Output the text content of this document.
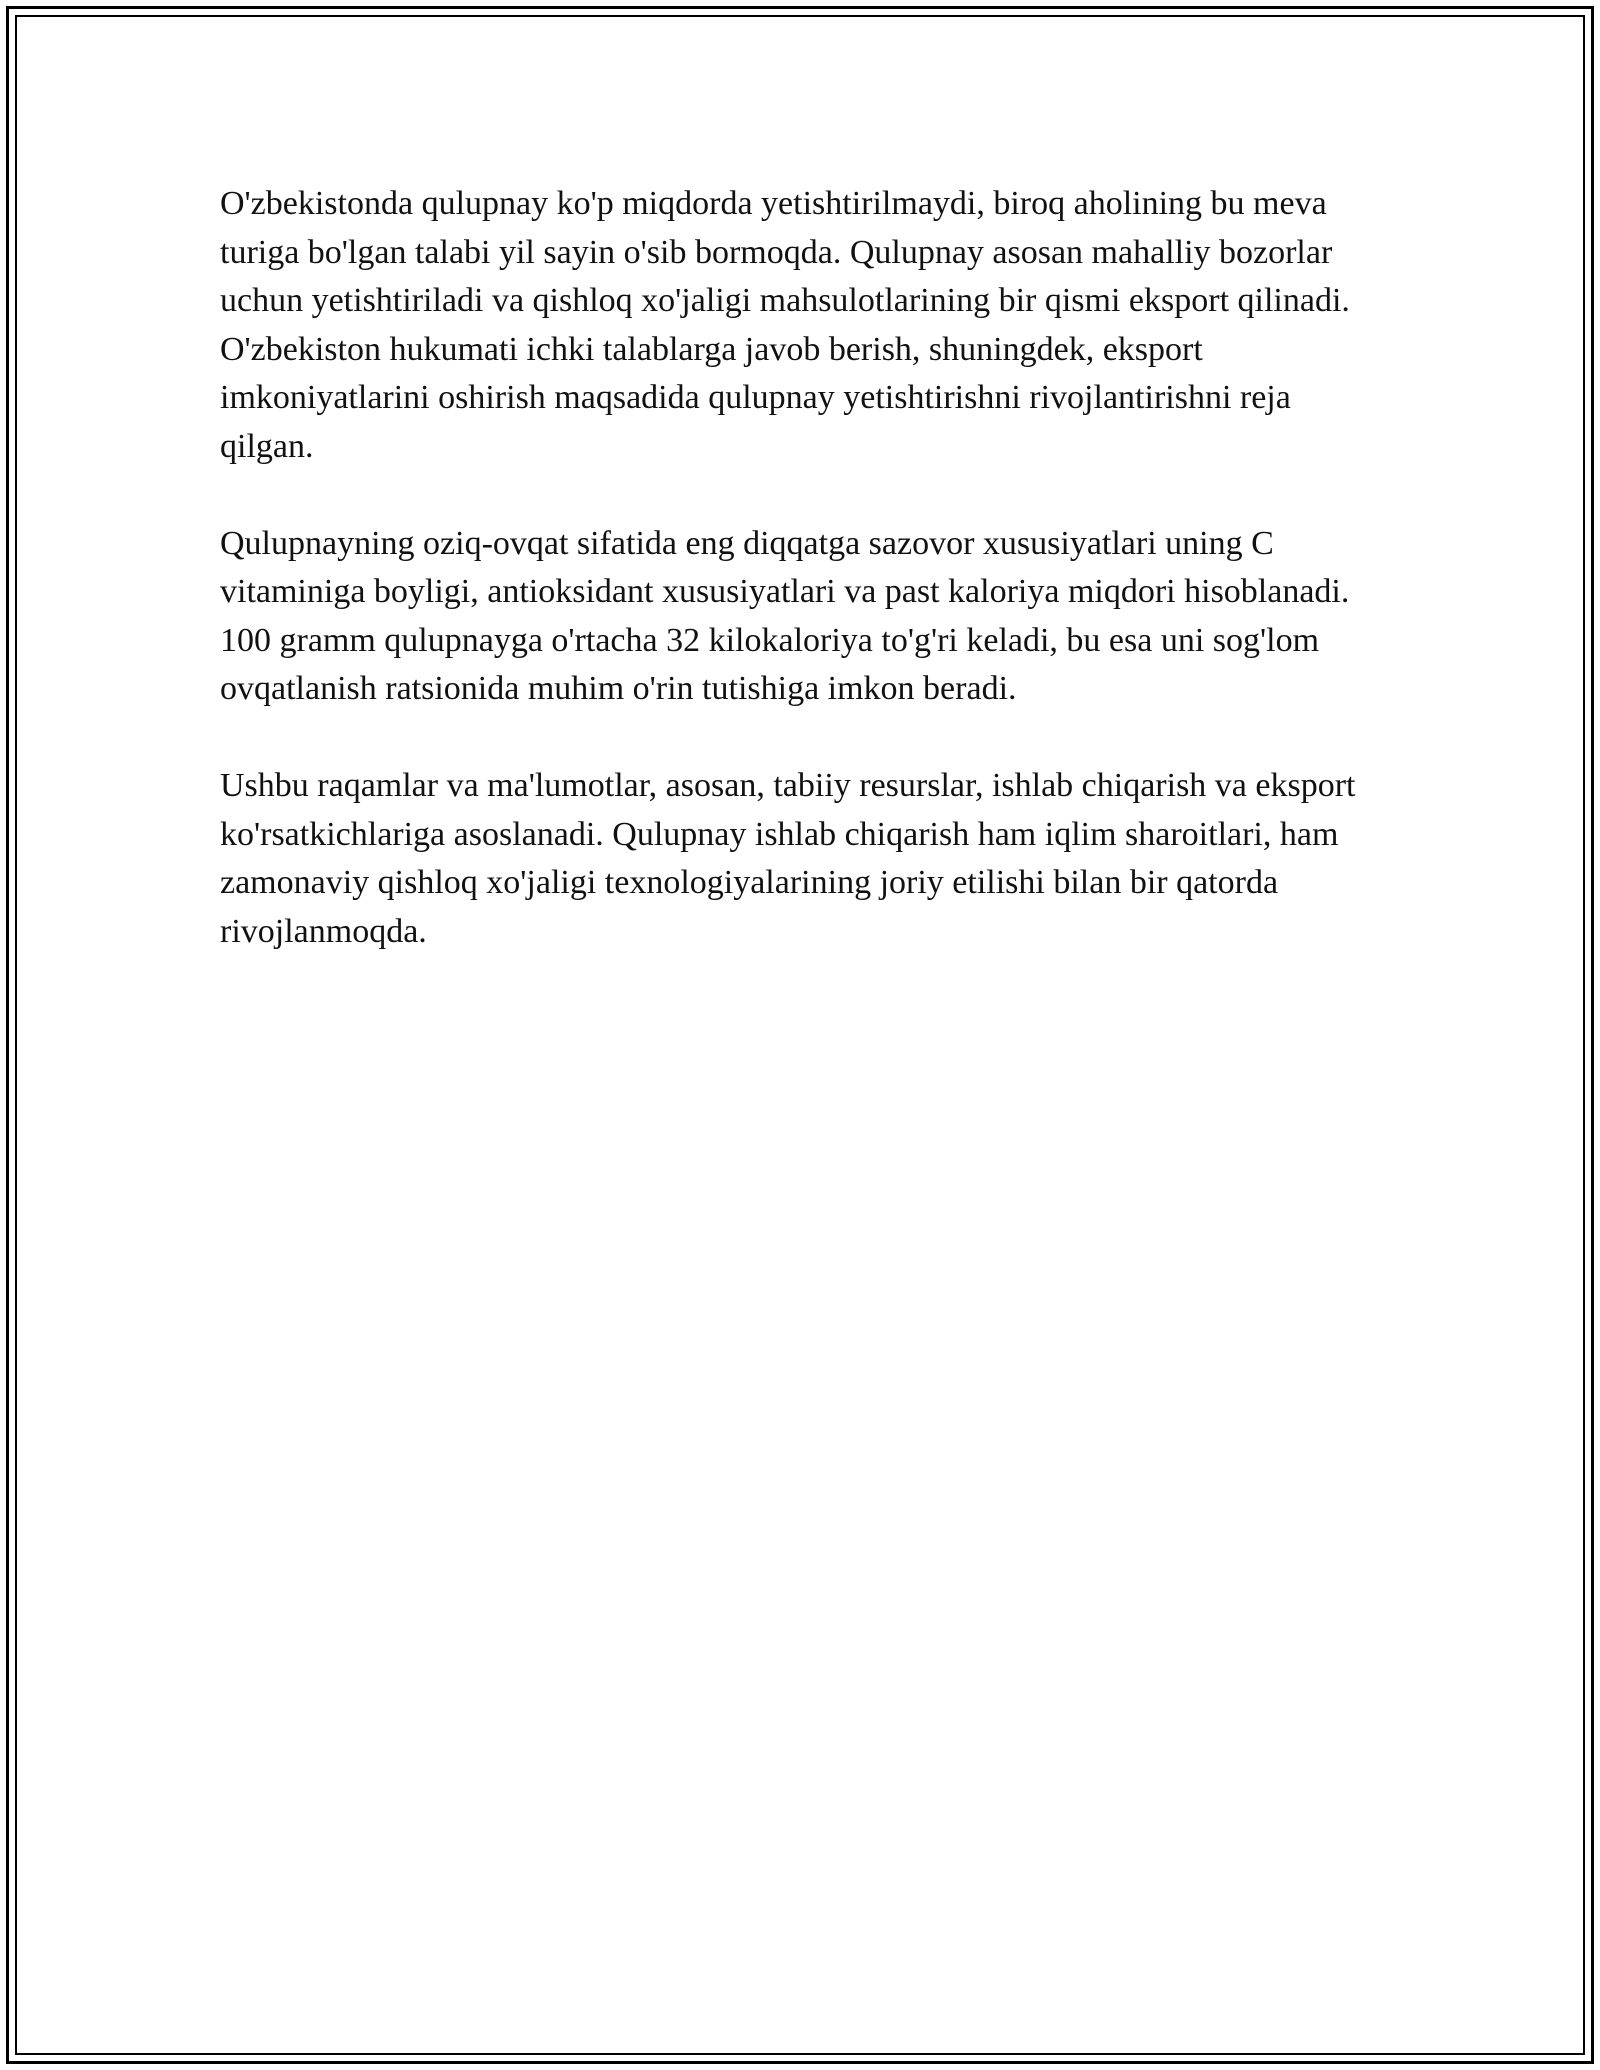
O'zbekistonda qulupnay ko'p miqdorda yetishtirilmaydi, biroq aholining bu meva turiga bo'lgan talabi yil sayin o'sib bormoqda. Qulupnay asosan mahalliy bozorlar uchun yetishtiriladi va qishloq xo'jaligi mahsulotlarining bir qismi eksport qilinadi. O'zbekiston hukumati ichki talablarga javob berish, shuningdek, eksport imkoniyatlarini oshirish maqsadida qulupnay yetishtirishni rivojlantirishni reja qilgan.

Qulupnayning oziq-ovqat sifatida eng diqqatga sazovor xususiyatlari uning C vitaminiga boyligi, antioksidant xususiyatlari va past kaloriya miqdori hisoblanadi. 100 gramm qulupnayga o'rtacha 32 kilokaloriya to'g'ri keladi, bu esa uni sog'lom ovqatlanish ratsionida muhim o'rin tutishiga imkon beradi.

Ushbu raqamlar va ma'lumotlar, asosan, tabiiy resurslar, ishlab chiqarish va eksport ko'rsatkichlariga asoslanadi. Qulupnay ishlab chiqarish ham iqlim sharoitlari, ham zamonaviy qishloq xo'jaligi texnologiyalarining joriy etilishi bilan bir qatorda rivojlanmoqda.
